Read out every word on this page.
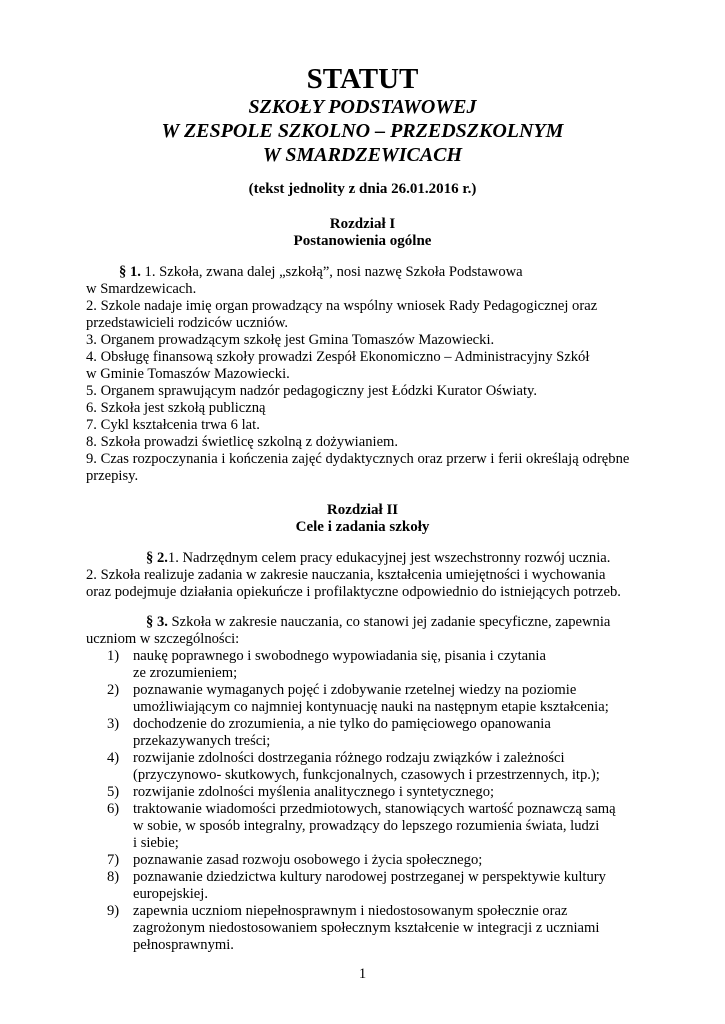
STATUT
SZKOŁY PODSTAWOWEJ
W ZESPOLE SZKOLNO – PRZEDSZKOLNYM
W SMARDZEWICACH
(tekst jednolity z dnia 26.01.2016 r.)
Rozdział I
Postanowienia ogólne
§ 1. 1. Szkoła, zwana dalej „szkołą”, nosi nazwę Szkoła Podstawowa
w Smardzewicach.
2. Szkole nadaje imię organ prowadzący na wspólny wniosek Rady Pedagogicznej oraz
przedstawicieli rodziców uczniów.
3. Organem prowadzącym szkołę jest Gmina Tomaszów Mazowiecki.
4. Obsługę finansową szkoły prowadzi Zespół Ekonomiczno – Administracyjny Szkół
w Gminie Tomaszów Mazowiecki.
5. Organem sprawującym nadzór pedagogiczny jest Łódzki Kurator Oświaty.
6. Szkoła jest szkołą publiczną
7. Cykl kształcenia trwa 6 lat.
8. Szkoła prowadzi świetlicę szkolną z dożywianiem.
9. Czas rozpoczynania i kończenia zajęć dydaktycznych oraz przerw i ferii określają odrębne
przepisy.
Rozdział II
Cele i zadania szkoły
§ 2.1. Nadrzędnym celem pracy edukacyjnej jest wszechstronny rozwój ucznia.
2. Szkoła realizuje zadania w zakresie nauczania, kształcenia umiejętności i wychowania
oraz podejmuje działania opiekuńcze i profilaktyczne odpowiednio do istniejących potrzeb.
§ 3. Szkoła w zakresie nauczania, co stanowi jej zadanie specyficzne, zapewnia
uczniom w szczególności:
1) naukę poprawnego i swobodnego wypowiadania się, pisania i czytania
ze zrozumieniem;
2) poznawanie wymaganych pojęć i zdobywanie rzetelnej wiedzy na poziomie
umożliwiającym co najmniej kontynuację nauki na następnym etapie kształcenia;
3) dochodzenie do zrozumienia, a nie tylko do pamięciowego opanowania
przekazywanych treści;
4) rozwijanie zdolności dostrzegania różnego rodzaju związków i zależności
(przyczynowo- skutkowych, funkcjonalnych, czasowych i przestrzennych, itp.);
5) rozwijanie zdolności myślenia analitycznego i syntetycznego;
6) traktowanie wiadomości przedmiotowych, stanowiących wartość poznawczą samą
w sobie, w sposób integralny, prowadzący do lepszego rozumienia świata, ludzi
i siebie;
7) poznawanie zasad rozwoju osobowego i życia społecznego;
8) poznawanie dziedzictwa kultury narodowej postrzeganej w perspektywie kultury
europejskiej.
9) zapewnia uczniom niepełnosprawnym i niedostosowanym społecznie oraz
zagrożonym niedostosowaniem społecznym kształcenie w integracji z uczniami
pełnosprawnymi.
1
